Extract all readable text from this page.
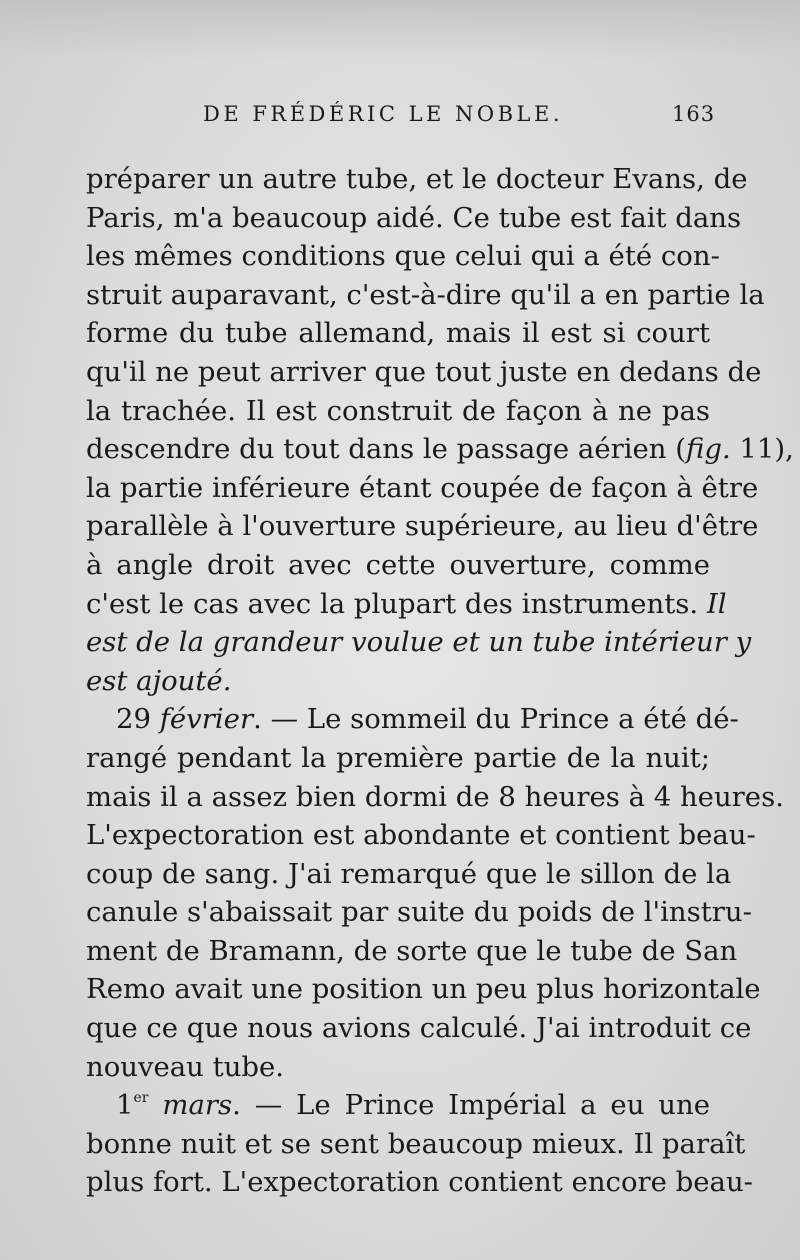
DE FRÉDÉRIC LE NOBLE.	163
préparer un autre tube, et le docteur Evans, de
Paris, m'a beaucoup aidé. Ce tube est fait dans
les mêmes conditions que celui qui a été con-
struit auparavant, c'est-à-dire qu'il a en partie la
forme du tube allemand, mais il est si court
qu'il ne peut arriver que tout juste en dedans de
la trachée. Il est construit de façon à ne pas
descendre du tout dans le passage aérien (fig. 11),
la partie inférieure étant coupée de façon à être
parallèle à l'ouverture supérieure, au lieu d'être
à angle droit avec cette ouverture, comme
c'est le cas avec la plupart des instruments. Il
est de la grandeur voulue et un tube intérieur y
est ajouté.
29 février. — Le sommeil du Prince a été dé-
rangé pendant la première partie de la nuit;
mais il a assez bien dormi de 8 heures à 4 heures.
L'expectoration est abondante et contient beau-
coup de sang. J'ai remarqué que le sillon de la
canule s'abaissait par suite du poids de l'instru-
ment de Bramann, de sorte que le tube de San
Remo avait une position un peu plus horizontale
que ce que nous avions calculé. J'ai introduit ce
nouveau tube.
1er mars. — Le Prince Impérial a eu une
bonne nuit et se sent beaucoup mieux. Il paraît
plus fort. L'expectoration contient encore beau-
